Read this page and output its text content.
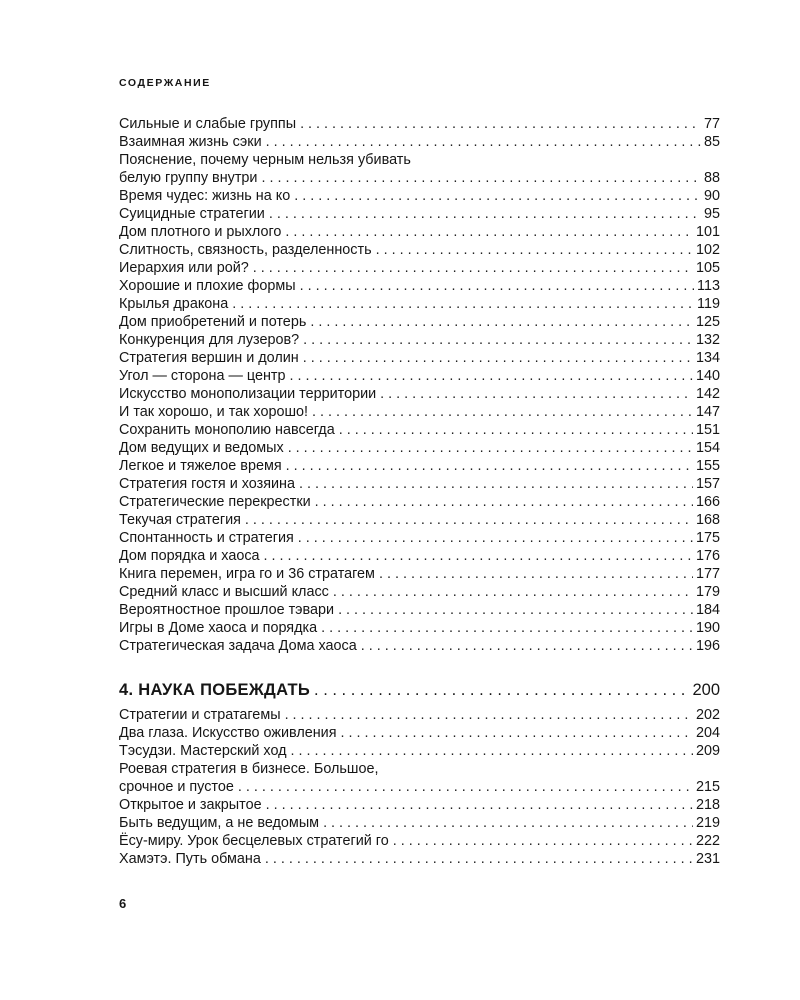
СОДЕРЖАНИЕ
Сильные и слабые группы . . .	77
Взаимная жизнь сэки . . .	85
Пояснение, почему черным нельзя убивать
белую группу внутри . . .	88
Время чудес: жизнь на ко . . .	90
Суицидные стратегии . . .	95
Дом плотного и рыхлого . . .	101
Слитность, связность, разделенность . . .	102
Иерархия или рой? . . .	105
Хорошие и плохие формы . . .	113
Крылья дракона . . .	119
Дом приобретений и потерь . . .	125
Конкуренция для лузеров? . . .	132
Стратегия вершин и долин . . .	134
Угол — сторона — центр . . .	140
Искусство монополизации территории . . .	142
И так хорошо, и так хорошо! . . .	147
Сохранить монополию навсегда . . .	151
Дом ведущих и ведомых . . .	154
Легкое и тяжелое время . . .	155
Стратегия гостя и хозяина . . .	157
Стратегические перекрестки . . .	166
Текучая стратегия . . .	168
Спонтанность и стратегия . . .	175
Дом порядка и хаоса . . .	176
Книга перемен, игра го и 36 стратагем . . .	177
Средний класс и высший класс . . .	179
Вероятностное прошлое тэвари . . .	184
Игры в Доме хаоса и порядка . . .	190
Стратегическая задача Дома хаоса . . .	196
4. НАУКА ПОБЕЖДАТЬ . . .	200
Стратегии и стратагемы . . .	202
Два глаза. Искусство оживления . . .	204
Тэсудзи. Мастерский ход . . .	209
Роевая стратегия в бизнесе. Большое,
срочное и пустое . . .	215
Открытое и закрытое . . .	218
Быть ведущим, а не ведомым . . .	219
Ёсу-миру. Урок бесцелевых стратегий го . . .	222
Хамэтэ. Путь обмана . . .	231
6
